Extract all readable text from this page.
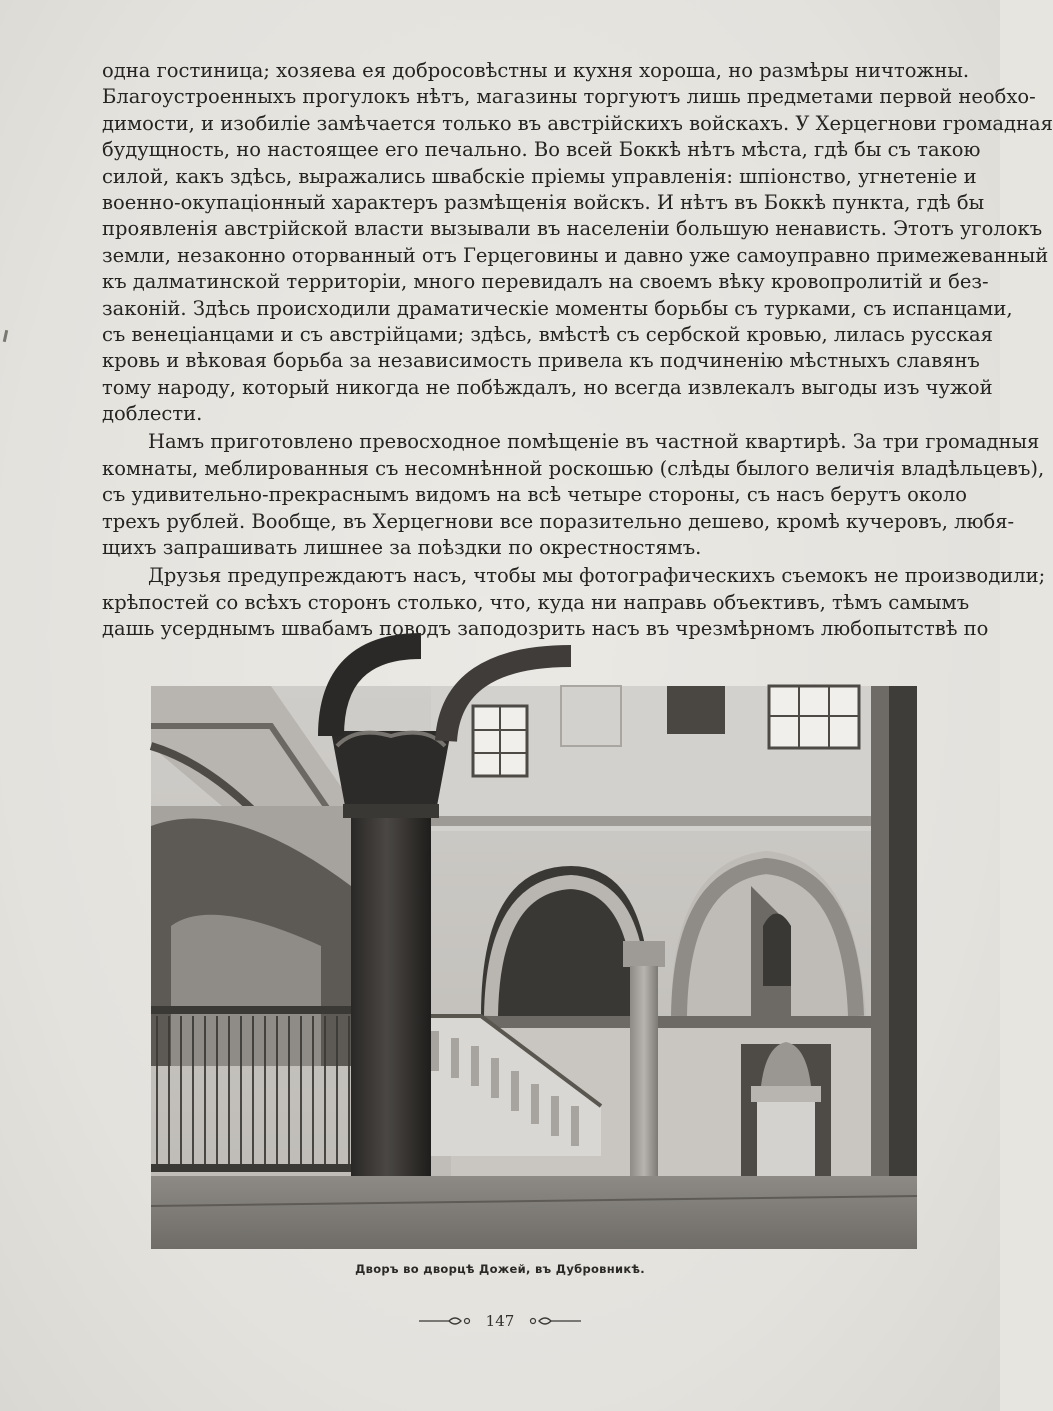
одна гостиница; хозяева ея добросовѣстны и кухня хороша, но размѣры ничтожны.
Благоустроенныхъ прогулокъ нѣтъ, магазины торгуютъ лишь предметами первой необхо-
димости, и изобиліе замѣчается только въ австрійскихъ войскахъ. У Херцегнови громадная
будущность, но настоящее его печально. Во всей Боккѣ нѣтъ мѣста, гдѣ бы съ такою
силой, какъ здѣсь, выражались швабскіе пріемы управленія: шпіонство, угнетеніе и
военно-окупаціонный характеръ размѣщенія войскъ. И нѣтъ въ Боккѣ пункта, гдѣ бы
проявленія австрійской власти вызывали въ населеніи большую ненависть. Этотъ уголокъ
земли, незаконно оторванный отъ Герцеговины и давно уже самоуправно примежеванный
къ далматинской территоріи, много перевидалъ на своемъ вѣку кровопролитій и без-
законій. Здѣсь происходили драматическіе моменты борьбы съ турками, съ испанцами,
съ венеціанцами и съ австрійцами; здѣсь, вмѣстѣ съ сербской кровью, лилась русская
кровь и вѣковая борьба за независимость привела къ подчиненію мѣстныхъ славянъ
тому народу, который никогда не побѣждалъ, но всегда извлекалъ выгоды изъ чужой
доблести.
Намъ приготовлено превосходное помѣщеніе въ частной квартирѣ. За три громадныя
комнаты, меблированныя съ несомнѣнной роскошью (слѣды былого величія владѣльцевъ),
съ удивительно-прекраснымъ видомъ на всѣ четыре стороны, съ насъ берутъ около
трехъ рублей. Вообще, въ Херцегнови все поразительно дешево, кромѣ кучеровъ, любя-
щихъ запрашивать лишнее за поѣздки по окрестностямъ.
Друзья предупреждаютъ насъ, чтобы мы фотографическихъ съемокъ не производили;
крѣпостей со всѣхъ сторонъ столько, что, куда ни направь объективъ, тѣмъ самымъ
дашь усерднымъ швабамъ поводъ заподозрить насъ въ чрезмѣрномъ любопытствѣ по
Дворъ во дворцѣ Дожей, въ Дубровникѣ.
147
